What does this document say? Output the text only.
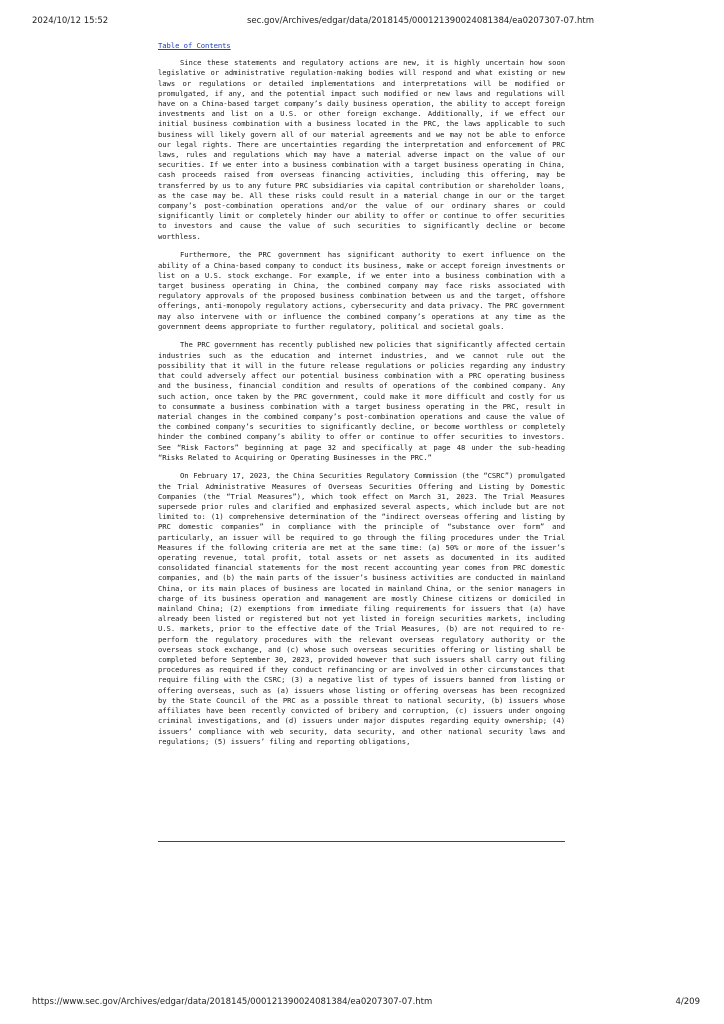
2024/10/12 15:52	sec.gov/Archives/edgar/data/2018145/000121390024081384/ea0207307-07.htm
Table of Contents

Since these statements and regulatory actions are new, it is highly uncertain how soon legislative or administrative regulation-making bodies will respond and what existing or new laws or regulations or detailed implementations and interpretations will be modified or promulgated, if any, and the potential impact such modified or new laws and regulations will have on a China-based target company’s daily business operation, the ability to accept foreign investments and list on a U.S. or other foreign exchange. Additionally, if we effect our initial business combination with a business located in the PRC, the laws applicable to such business will likely govern all of our material agreements and we may not be able to enforce our legal rights. There are uncertainties regarding the interpretation and enforcement of PRC laws, rules and regulations which may have a material adverse impact on the value of our securities. If we enter into a business combination with a target business operating in China, cash proceeds raised from overseas financing activities, including this offering, may be transferred by us to any future PRC subsidiaries via capital contribution or shareholder loans, as the case may be. All these risks could result in a material change in our or the target company’s post-combination operations and/or the value of our ordinary shares or could significantly limit or completely hinder our ability to offer or continue to offer securities to investors and cause the value of such securities to significantly decline or become worthless.

Furthermore, the PRC government has significant authority to exert influence on the ability of a China-based company to conduct its business, make or accept foreign investments or list on a U.S. stock exchange. For example, if we enter into a business combination with a target business operating in China, the combined company may face risks associated with regulatory approvals of the proposed business combination between us and the target, offshore offerings, anti-monopoly regulatory actions, cybersecurity and data privacy. The PRC government may also intervene with or influence the combined company’s operations at any time as the government deems appropriate to further regulatory, political and societal goals.

The PRC government has recently published new policies that significantly affected certain industries such as the education and internet industries, and we cannot rule out the possibility that it will in the future release regulations or policies regarding any industry that could adversely affect our potential business combination with a PRC operating business and the business, financial condition and results of operations of the combined company. Any such action, once taken by the PRC government, could make it more difficult and costly for us to consummate a business combination with a target business operating in the PRC, result in material changes in the combined company’s post-combination operations and cause the value of the combined company’s securities to significantly decline, or become worthless or completely hinder the combined company’s ability to offer or continue to offer securities to investors. See “Risk Factors” beginning at page 32 and specifically at page 48 under the sub-heading “Risks Related to Acquiring or Operating Businesses in the PRC.”

On February 17, 2023, the China Securities Regulatory Commission (the “CSRC”) promulgated the Trial Administrative Measures of Overseas Securities Offering and Listing by Domestic Companies (the “Trial Measures”), which took effect on March 31, 2023. The Trial Measures supersede prior rules and clarified and emphasized several aspects, which include but are not limited to: (1) comprehensive determination of the “indirect overseas offering and listing by PRC domestic companies” in compliance with the principle of “substance over form” and particularly, an issuer will be required to go through the filing procedures under the Trial Measures if the following criteria are met at the same time: (a) 50% or more of the issuer’s operating revenue, total profit, total assets or net assets as documented in its audited consolidated financial statements for the most recent accounting year comes from PRC domestic companies, and (b) the main parts of the issuer’s business activities are conducted in mainland China, or its main places of business are located in mainland China, or the senior managers in charge of its business operation and management are mostly Chinese citizens or domiciled in mainland China; (2) exemptions from immediate filing requirements for issuers that (a) have already been listed or registered but not yet listed in foreign securities markets, including U.S. markets, prior to the effective date of the Trial Measures, (b) are not required to re-perform the regulatory procedures with the relevant overseas regulatory authority or the overseas stock exchange, and (c) whose such overseas securities offering or listing shall be completed before September 30, 2023, provided however that such issuers shall carry out filing procedures as required if they conduct refinancing or are involved in other circumstances that require filing with the CSRC; (3) a negative list of types of issuers banned from listing or offering overseas, such as (a) issuers whose listing or offering overseas has been recognized by the State Council of the PRC as a possible threat to national security, (b) issuers whose affiliates have been recently convicted of bribery and corruption, (c) issuers under ongoing criminal investigations, and (d) issuers under major disputes regarding equity ownership; (4) issuers’ compliance with web security, data security, and other national security laws and regulations; (5) issuers’ filing and reporting obligations,

https://www.sec.gov/Archives/edgar/data/2018145/000121390024081384/ea0207307-07.htm	4/209
